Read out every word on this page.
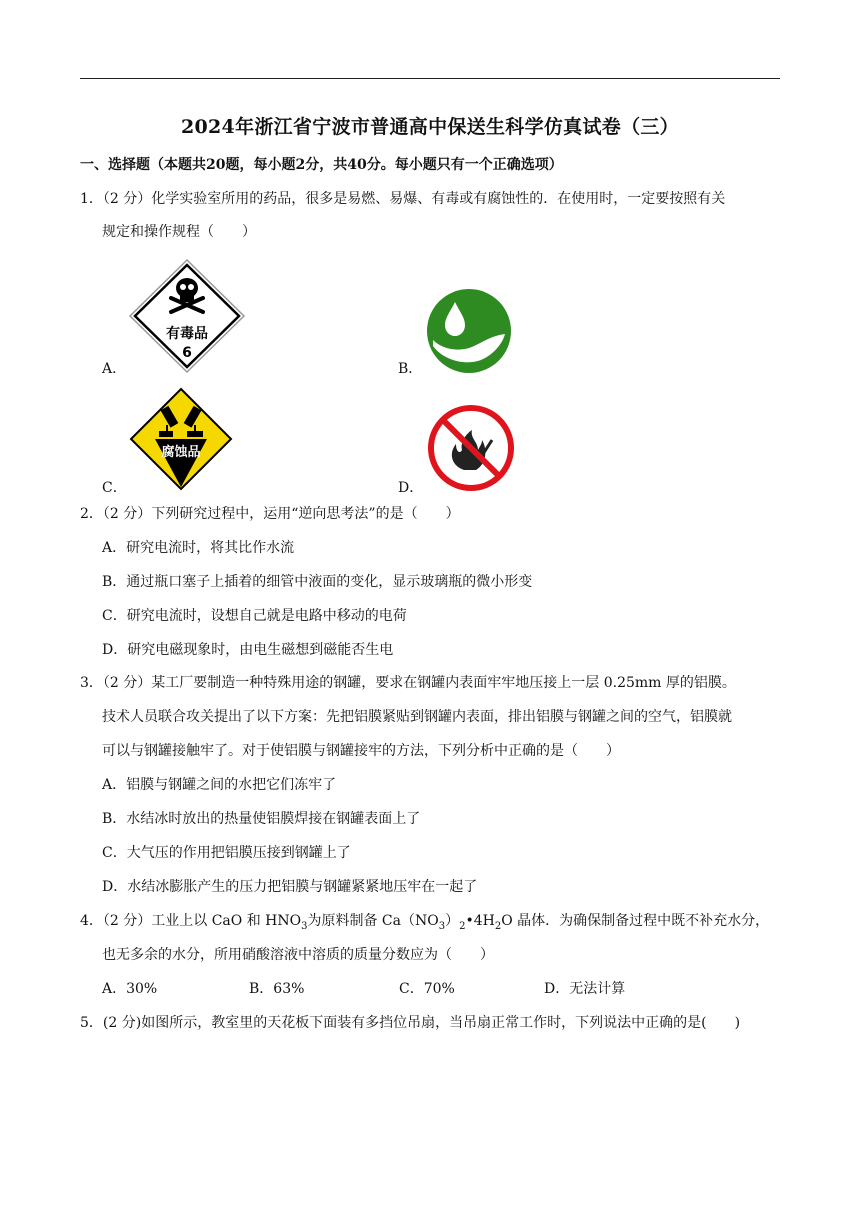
2024年浙江省宁波市普通高中保送生科学仿真试卷（三）
一、选择题（本题共20题，每小题2分，共40分。每小题只有一个正确选项）
1．（2 分）化学实验室所用的药品，很多是易燃、易爆、有毒或有腐蚀性的．在使用时，一定要按照有关
规定和操作规程（　　）
A．
有毒品
6
B．
C．
腐蚀品
D．
2．（2 分）下列研究过程中，运用“逆向思考法”的是（　　）
A．研究电流时，将其比作水流
B．通过瓶口塞子上插着的细管中液面的变化，显示玻璃瓶的微小形变
C．研究电流时，设想自己就是电路中移动的电荷
D．研究电磁现象时，由电生磁想到磁能否生电
3．（2 分）某工厂要制造一种特殊用途的钢罐，要求在钢罐内表面牢牢地压接上一层 0.25mm 厚的铝膜。
技术人员联合攻关提出了以下方案：先把铝膜紧贴到钢罐内表面，排出铝膜与钢罐之间的空气，铝膜就
可以与钢罐接触牢了。对于使铝膜与钢罐接牢的方法，下列分析中正确的是（　　）
A．铝膜与钢罐之间的水把它们冻牢了
B．水结冰时放出的热量使铝膜焊接在钢罐表面上了
C．大气压的作用把铝膜压接到钢罐上了
D．水结冰膨胀产生的压力把铝膜与钢罐紧紧地压牢在一起了
4．（2 分）工业上以 CaO 和 $HNO_3$为原料制备 $Ca(NO_3)_2•4H_2O$ 晶体．为确保制备过程中既不补充水分，
也无多余的水分，所用硝酸溶液中溶质的质量分数应为（　　）
A．30%	B．63%	C．70%	D．无法计算
5．(2 分)如图所示，教室里的天花板下面装有多挡位吊扇，当吊扇正常工作时，下列说法中正确的是(　　)
